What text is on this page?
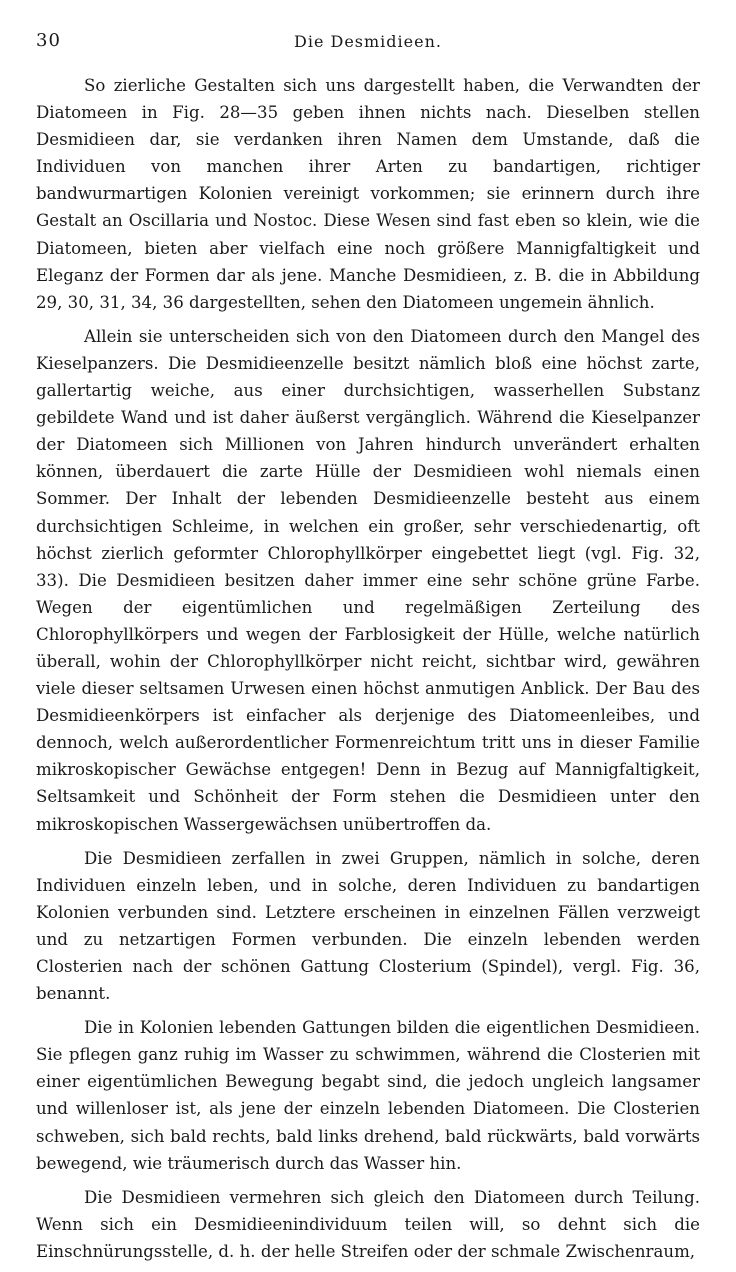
30	Die Desmidieen.

So zierliche Gestalten sich uns dargestellt haben, die Verwandten der Diatomeen in Fig. 28—35 geben ihnen nichts nach. Dieselben stellen Desmidieen dar, sie verdanken ihren Namen dem Umstande, daß die Individuen von manchen ihrer Arten zu bandartigen, richtiger bandwurmartigen Kolonien vereinigt vorkommen; sie erinnern durch ihre Gestalt an Oscillaria und Nostoc. Diese Wesen sind fast eben so klein, wie die Diatomeen, bieten aber vielfach eine noch größere Mannigfaltigkeit und Eleganz der Formen dar als jene. Manche Desmidieen, z. B. die in Abbildung 29, 30, 31, 34, 36 dargestellten, sehen den Diatomeen ungemein ähnlich.

Allein sie unterscheiden sich von den Diatomeen durch den Mangel des Kieselpanzers. Die Desmidieenzelle besitzt nämlich bloß eine höchst zarte, gallertartig weiche, aus einer durchsichtigen, wasserhellen Substanz gebildete Wand und ist daher äußerst vergänglich. Während die Kieselpanzer der Diatomeen sich Millionen von Jahren hindurch unverändert erhalten können, überdauert die zarte Hülle der Desmidieen wohl niemals einen Sommer. Der Inhalt der lebenden Desmidieenzelle besteht aus einem durchsichtigen Schleime, in welchen ein großer, sehr verschiedenartig, oft höchst zierlich geformter Chlorophyllkörper eingebettet liegt (vgl. Fig. 32, 33). Die Desmidieen besitzen daher immer eine sehr schöne grüne Farbe. Wegen der eigentümlichen und regelmäßigen Zerteilung des Chlorophyllkörpers und wegen der Farblosigkeit der Hülle, welche natürlich überall, wohin der Chlorophyllkörper nicht reicht, sichtbar wird, gewähren viele dieser seltsamen Urwesen einen höchst anmutigen Anblick. Der Bau des Desmidieenkörpers ist einfacher als derjenige des Diatomeenleibes, und dennoch, welch außerordentlicher Formenreichtum tritt uns in dieser Familie mikroskopischer Gewächse entgegen! Denn in Bezug auf Mannigfaltigkeit, Seltsamkeit und Schönheit der Form stehen die Desmidieen unter den mikroskopischen Wassergewächsen unübertroffen da.

Die Desmidieen zerfallen in zwei Gruppen, nämlich in solche, deren Individuen einzeln leben, und in solche, deren Individuen zu bandartigen Kolonien verbunden sind. Letztere erscheinen in einzelnen Fällen verzweigt und zu netzartigen Formen verbunden. Die einzeln lebenden werden Closterien nach der schönen Gattung Closterium (Spindel), vergl. Fig. 36, benannt.

Die in Kolonien lebenden Gattungen bilden die eigentlichen Desmidieen. Sie pflegen ganz ruhig im Wasser zu schwimmen, während die Closterien mit einer eigentümlichen Bewegung begabt sind, die jedoch ungleich langsamer und willenloser ist, als jene der einzeln lebenden Diatomeen. Die Closterien schweben, sich bald rechts, bald links drehend, bald rückwärts, bald vorwärts bewegend, wie träumerisch durch das Wasser hin.

Die Desmidieen vermehren sich gleich den Diatomeen durch Teilung. Wenn sich ein Desmidieenindividuum teilen will, so dehnt sich die Einschnürungsstelle, d. h. der helle Streifen oder der schmale Zwischenraum,
